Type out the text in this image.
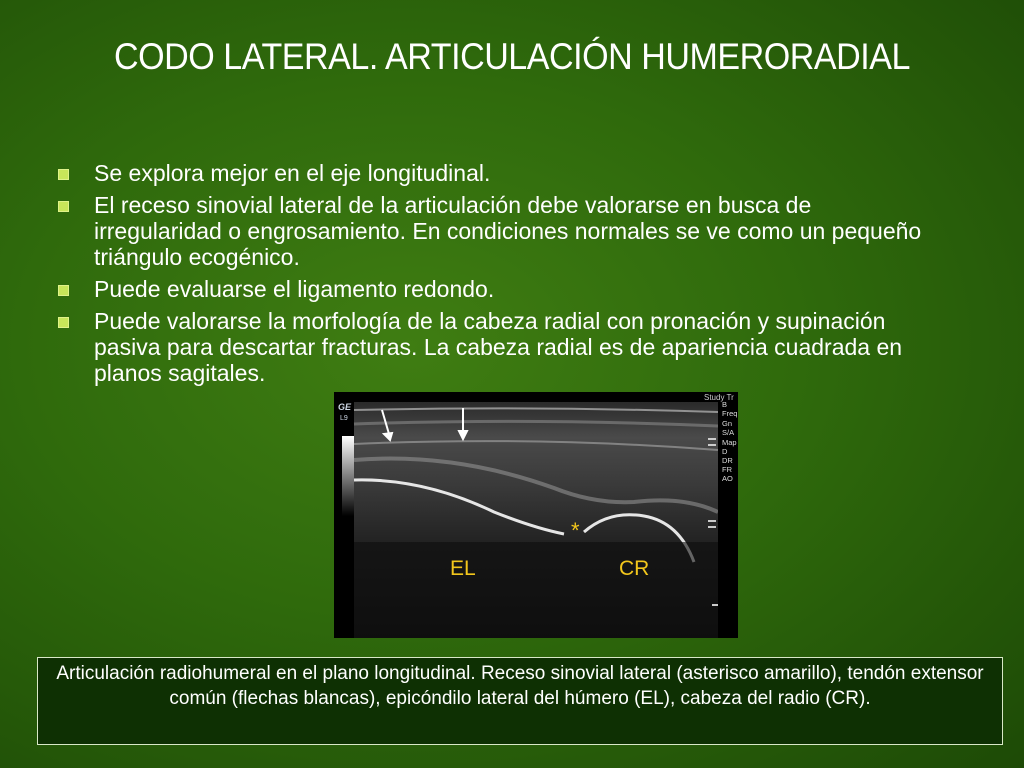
CODO LATERAL. ARTICULACIÓN HUMERORADIAL
Se explora mejor en el eje longitudinal.
El receso sinovial lateral de la articulación debe valorarse en busca de irregularidad o engrosamiento. En condiciones normales se ve como un pequeño triángulo ecogénico.
Puede evaluarse el ligamento redondo.
Puede valorarse la morfología de la cabeza radial con pronación y supinación pasiva para descartar fracturas. La cabeza radial es de apariencia cuadrada en planos sagitales.
GE
L9
Study Tr
B
Freq
Gn
S/A
Map
D
DR
FR
AO
*
EL	CR
Articulación radiohumeral en el plano longitudinal. Receso sinovial lateral (asterisco amarillo), tendón extensor común (flechas blancas), epicóndilo lateral del húmero (EL), cabeza del radio (CR).
